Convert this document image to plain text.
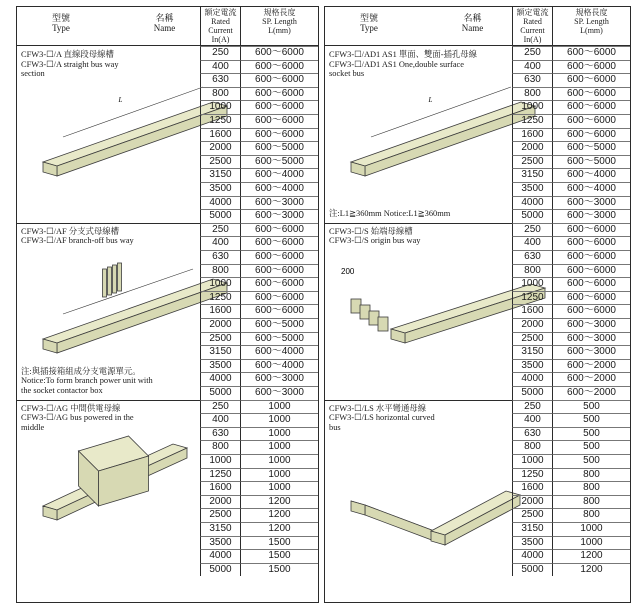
型號
Type
名稱
Name
額定電流
Rated
Current
In(A)
規格長度
SP. Length
L(mm)
CFW3-☐/A 直線段母線槽
CFW3-☐/A straight bus way
section
L
250	600～6000
400	600～6000
630	600～6000
800	600～6000
1000	600～6000
1250	600～6000
1600	600～6000
2000	600～5000
2500	600～5000
3150	600～4000
3500	600～4000
4000	600～3000
5000	600～3000
CFW3-☐/AF 分支式母線槽
CFW3-☐/AF branch-off bus way
注:與插接箱組成分支電源單元。
Notice:To form branch power unit with
the socket contactor box
250	600～6000
400	600～6000
630	600～6000
800	600～6000
1000	600～6000
1250	600～6000
1600	600～6000
2000	600～5000
2500	600～5000
3150	600～4000
3500	600～4000
4000	600～3000
5000	600～3000
CFW3-☐/AG 中間供電母線
CFW3-☐/AG bus powered in the
middle
250	1000
400	1000
630	1000
800	1000
1000	1000
1250	1000
1600	1000
2000	1200
2500	1200
3150	1200
3500	1500
4000	1500
5000	1500
型號
Type
名稱
Name
額定電流
Rated
Current
In(A)
規格長度
SP. Length
L(mm)
CFW3-☐/AD1 AS1 單面、雙面-插孔母線
CFW3-☐/AD1 AS1 One,double surface
socket bus
注:L1≧360mm Notice:L1≧360mm
L
250	600～6000
400	600～6000
630	600～6000
800	600～6000
1000	600～6000
1250	600～6000
1600	600～6000
2000	600～5000
2500	600～5000
3150	600～4000
3500	600～4000
4000	600～3000
5000	600～3000
CFW3-☐/S 始端母線槽
CFW3-☐/S origin bus way
200
250	600～6000
400	600～6000
630	600～6000
800	600～6000
1000	600～6000
1250	600～6000
1600	600～6000
2000	600～3000
2500	600～3000
3150	600～3000
3500	600～2000
4000	600～2000
5000	600～2000
CFW3-☐/LS 水平彎通母線
CFW3-☐/LS horizontal curved
bus
250	500
400	500
630	500
800	500
1000	500
1250	800
1600	800
2000	800
2500	800
3150	1000
3500	1000
4000	1200
5000	1200
